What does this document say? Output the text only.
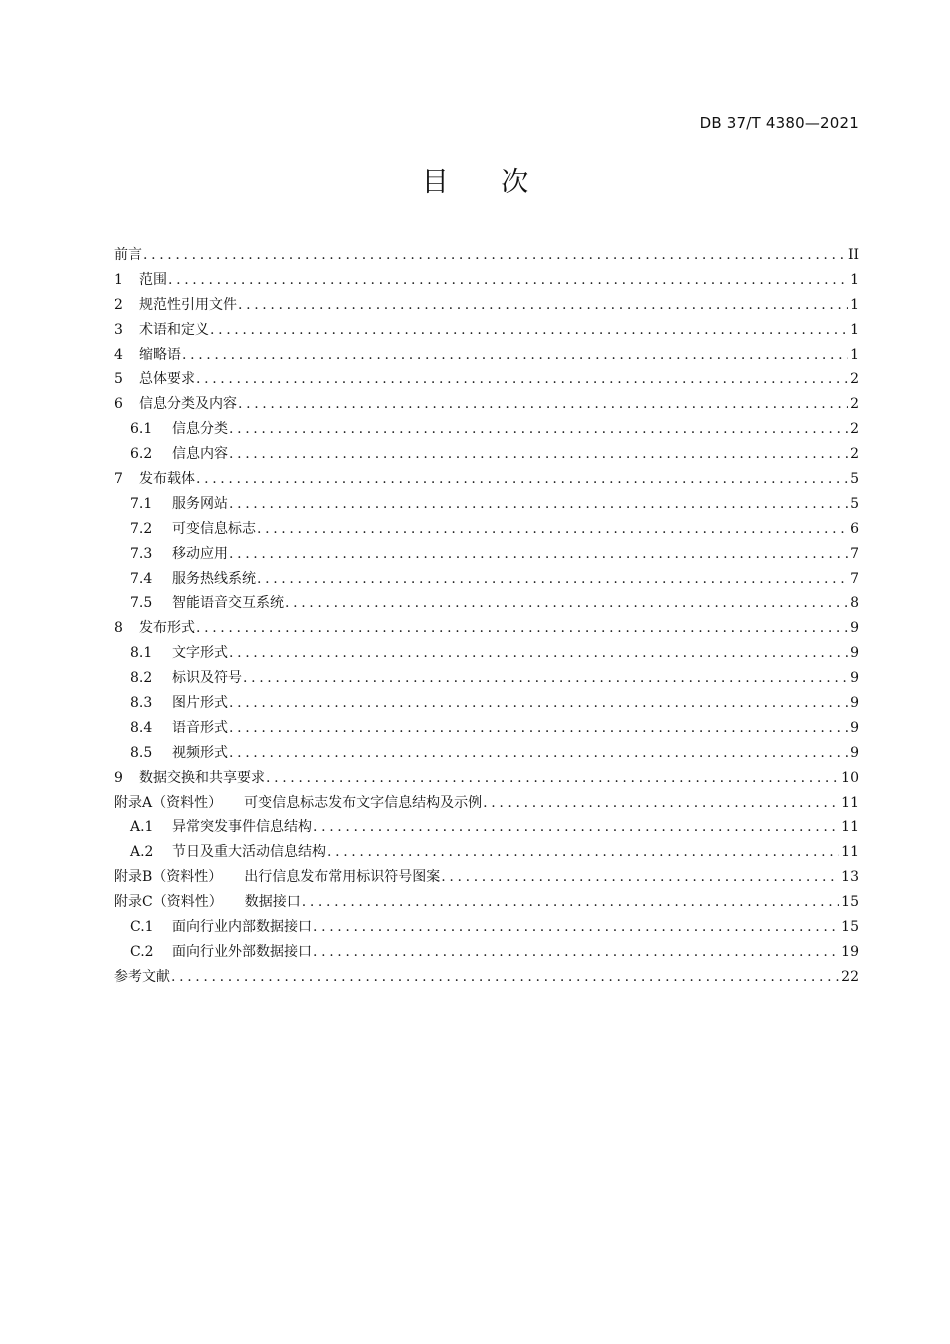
DB 37/T 4380—2021
目 次
前言 . . .	II
1 范围 . . .	1
2 规范性引用文件 . . .	1
3 术语和定义 . . .	1
4 缩略语 . . .	1
5 总体要求 . . .	2
6 信息分类及内容 . . .	2
6.1 信息分类 . . .	2
6.2 信息内容 . . .	2
7 发布载体 . . .	5
7.1 服务网站 . . .	5
7.2 可变信息标志 . . .	6
7.3 移动应用 . . .	7
7.4 服务热线系统 . . .	7
7.5 智能语音交互系统 . . .	8
8 发布形式 . . .	9
8.1 文字形式 . . .	9
8.2 标识及符号 . . .	9
8.3 图片形式 . . .	9
8.4 语音形式 . . .	9
8.5 视频形式 . . .	9
9 数据交换和共享要求 . . .	10
附录A（资料性） 可变信息标志发布文字信息结构及示例 . . .	11
A.1 异常突发事件信息结构 . . .	11
A.2 节日及重大活动信息结构 . . .	11
附录B（资料性） 出行信息发布常用标识符号图案 . . .	13
附录C（资料性） 数据接口 . . .	15
C.1 面向行业内部数据接口 . . .	15
C.2 面向行业外部数据接口 . . .	19
参考文献 . . .	22
